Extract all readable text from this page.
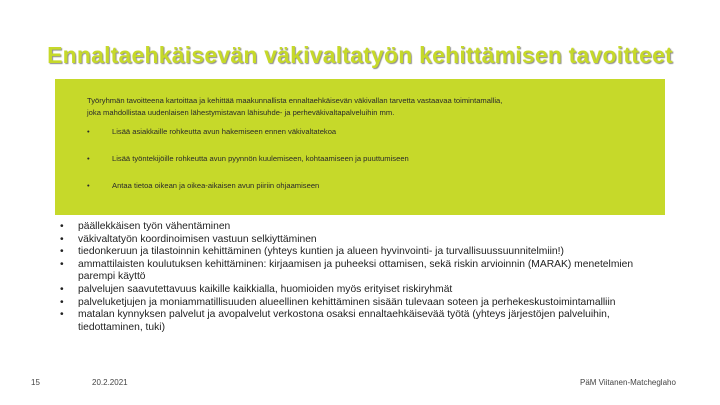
Ennaltaehkäisevän väkivaltatyön kehittämisen tavoitteet
Työryhmän tavoitteena kartoittaa ja kehittää maakunnallista ennaltaehkäisevän väkivallan tarvetta vastaavaa toimintamallia,
joka mahdollistaa uudenlaisen lähestymistavan lähisuhde- ja perheväkivaltapalveluihin mm.
•	Lisää asiakkaille rohkeutta avun hakemiseen ennen väkivaltatekoa
•	Lisää työntekijöille rohkeutta avun pyynnön kuulemiseen, kohtaamiseen ja puuttumiseen
•	Antaa tietoa oikean ja oikea-aikaisen avun piiriin ohjaamiseen
• päällekkäisen työn vähentäminen
• väkivaltatyön koordinoimisen vastuun selkiyttäminen
• tiedonkeruun ja tilastoinnin kehittäminen (yhteys kuntien ja alueen hyvinvointi- ja turvallisuussuunnitelmiin!)
• ammattilaisten koulutuksen kehittäminen: kirjaamisen ja puheeksi ottamisen, sekä riskin arvioinnin (MARAK) menetelmien parempi käyttö
• palvelujen saavutettavuus kaikille kaikkialla, huomioiden myös erityiset riskiryhmät
• palveluketjujen ja moniammatillisuuden alueellinen kehittäminen sisään tulevaan soteen ja perhekeskustoimintamalliin
• matalan kynnyksen palvelut ja avopalvelut verkostona osaksi ennaltaehkäisevää työtä (yhteys järjestöjen palveluihin, tiedottaminen, tuki)
15	20.2.2021	PäM Viitanen-Matcheglaho
